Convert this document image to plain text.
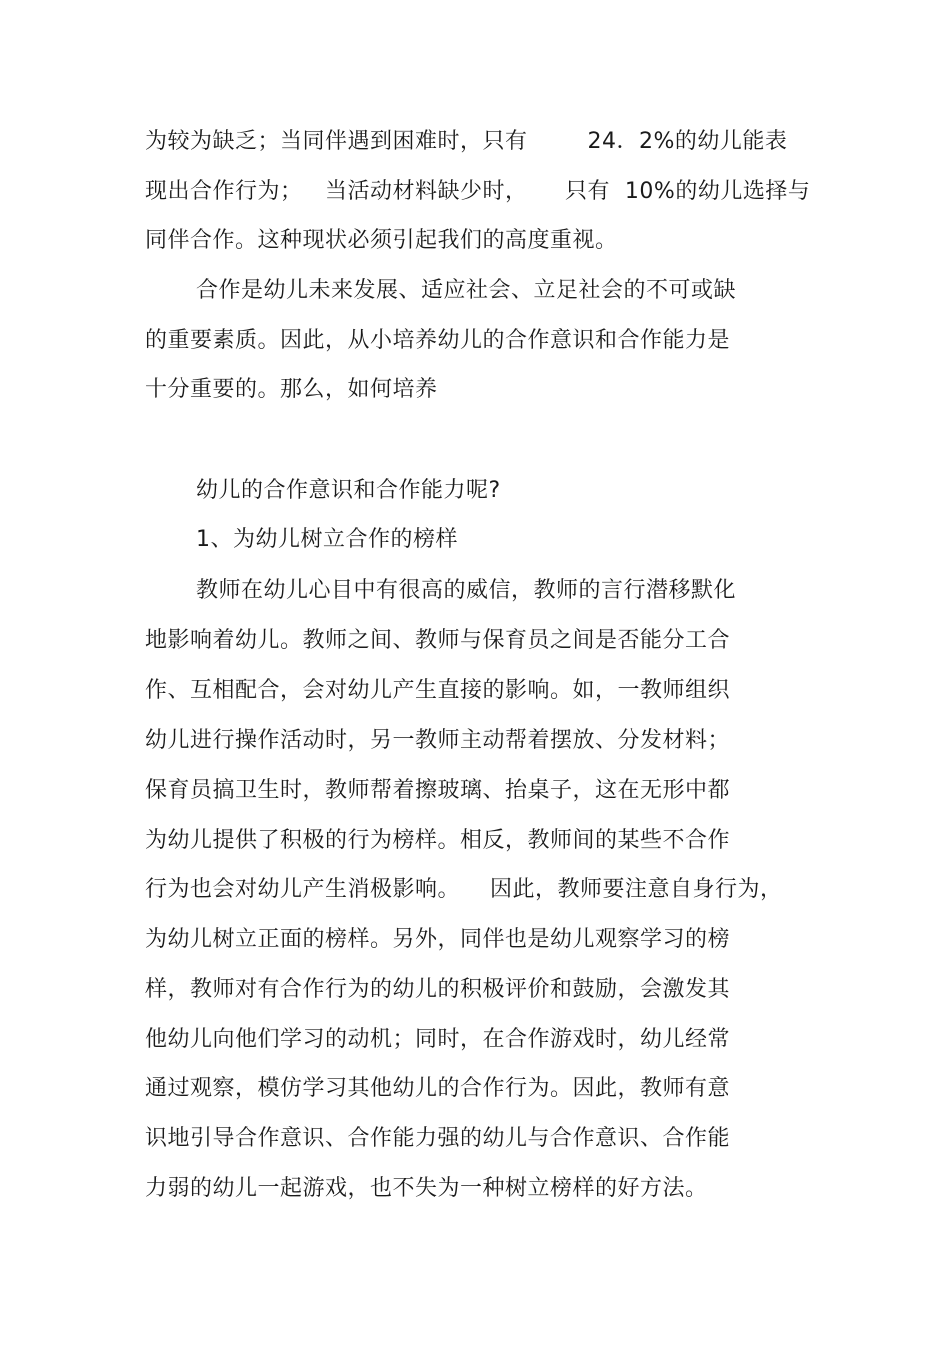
为较为缺乏；当同伴遇到困难时，只有        24．2%的幼儿能表
现出合作行为；   当活动材料缺少时，     只有  10%的幼儿选择与
同伴合作。这种现状必须引起我们的高度重视。
合作是幼儿未来发展、适应社会、立足社会的不可或缺
的重要素质。因此，从小培养幼儿的合作意识和合作能力是
十分重要的。那么，如何培养
幼儿的合作意识和合作能力呢?
1、为幼儿树立合作的榜样
教师在幼儿心目中有很高的威信，教师的言行潜移默化
地影响着幼儿。教师之间、教师与保育员之间是否能分工合
作、互相配合，会对幼儿产生直接的影响。如，一教师组织
幼儿进行操作活动时，另一教师主动帮着摆放、分发材料；
保育员搞卫生时，教师帮着擦玻璃、抬桌子，这在无形中都
为幼儿提供了积极的行为榜样。相反，教师间的某些不合作
行为也会对幼儿产生消极影响。    因此，教师要注意自身行为，
为幼儿树立正面的榜样。另外，同伴也是幼儿观察学习的榜
样，教师对有合作行为的幼儿的积极评价和鼓励，会激发其
他幼儿向他们学习的动机；同时，在合作游戏时，幼儿经常
通过观察，模仿学习其他幼儿的合作行为。因此，教师有意
识地引导合作意识、合作能力强的幼儿与合作意识、合作能
力弱的幼儿一起游戏，也不失为一种树立榜样的好方法。
